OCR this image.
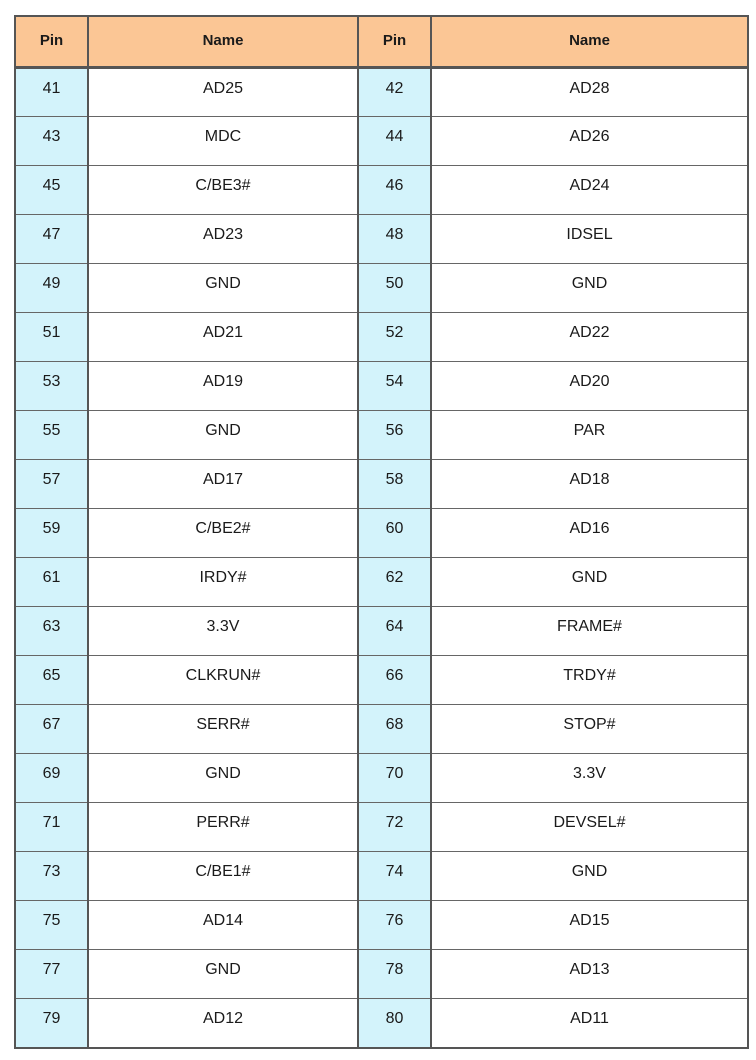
Pin	Name	Pin	Name
41	AD25	42	AD28
43	MDC	44	AD26
45	C/BE3#	46	AD24
47	AD23	48	IDSEL
49	GND	50	GND
51	AD21	52	AD22
53	AD19	54	AD20
55	GND	56	PAR
57	AD17	58	AD18
59	C/BE2#	60	AD16
61	IRDY#	62	GND
63	3.3V	64	FRAME#
65	CLKRUN#	66	TRDY#
67	SERR#	68	STOP#
69	GND	70	3.3V
71	PERR#	72	DEVSEL#
73	C/BE1#	74	GND
75	AD14	76	AD15
77	GND	78	AD13
79	AD12	80	AD11
